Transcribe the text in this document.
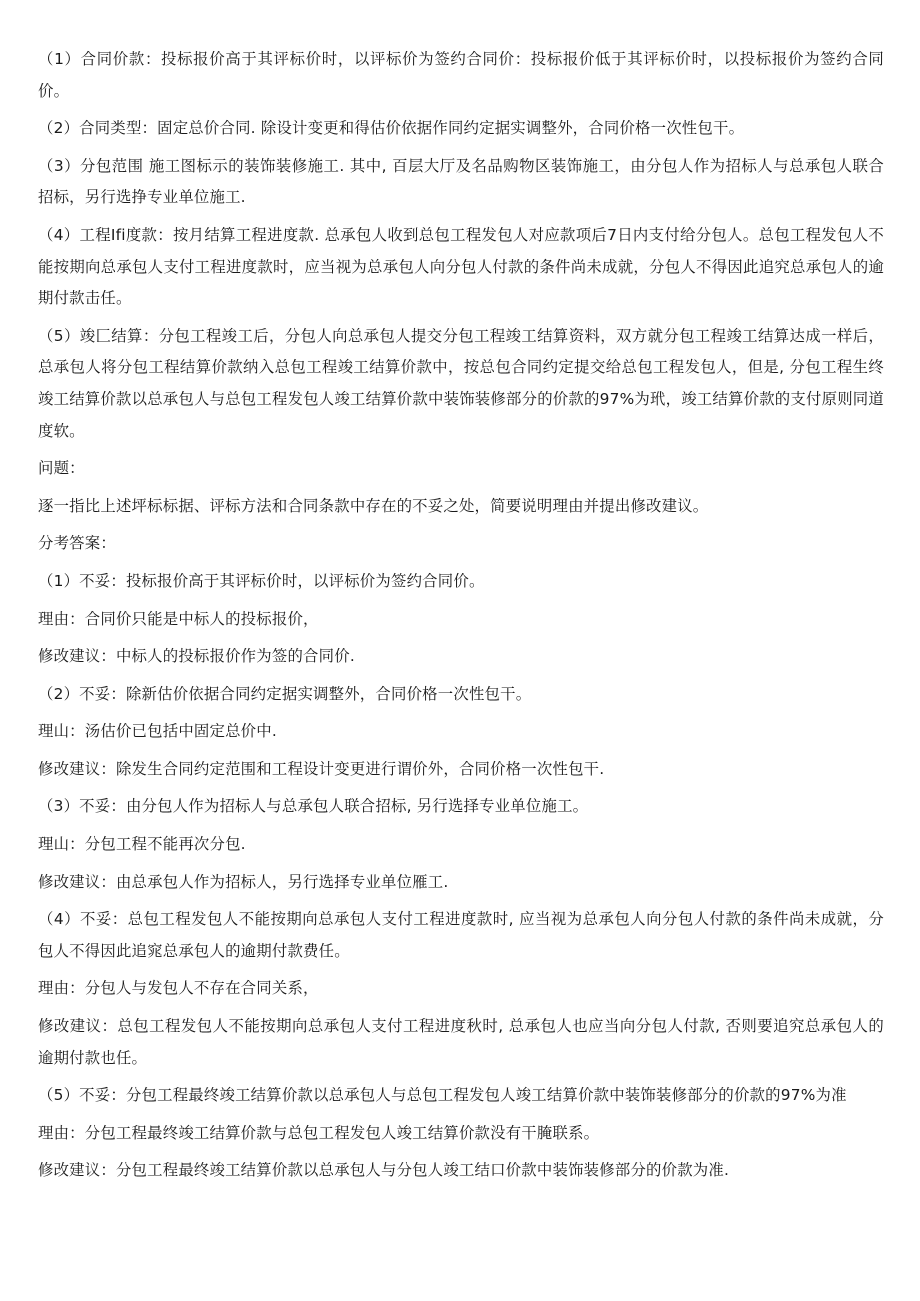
（1）合同价款：投标报价高于其评标价时，以评标价为签约合同价：投标报价低于其评标价时，以投标报价为签约合同价。

（2）合同类型：固定总价合同. 除设计变更和得估价依据作同约定据实调整外，合同价格一次性包干。

（3）分包范围 施工图标示的装饰装修施工. 其中, 百层大厅及名品购物区装饰施工，由分包人作为招标人与总承包人联合招标，另行选挣专业单位施工.

（4）工程Ifi度款：按月结算工程进度款. 总承包人收到总包工程发包人对应款项后7日内支付给分包人。总包工程发包人不能按期向总承包人支付工程进度款时，应当视为总承包人向分包人付款的条件尚未成就，分包人不得因此追究总承包人的逾期付款击任。

（5）竣匚结算：分包工程竣工后，分包人向总承包人提交分包工程竣工结算资料，双方就分包工程竣工结算达成一样后，总承包人将分包工程结算价款纳入总包工程竣工结算价款中，按总包合同约定提交给总包工程发包人，但是, 分包工程生终竣工结算价款以总承包人与总包工程发包人竣工结算价款中装饰装修部分的价款的97%为玳，竣工结算价款的支付原则同道度软。

问题：

逐一指比上述坪标标据、评标方法和合同条款中存在的不妥之处，简要说明理由并提出修改建议。

分考答案：

（1）不妥：投标报价高于其评标价时，以评标价为签约合同价。

理由：合同价只能是中标人的投标报价，

修改建议：中标人的投标报价作为签的合同价.

（2）不妥：除新估价依据合同约定据实调整外，合同价格一次性包干。

理山：汤估价已包括中固定总价中.

修改建议：除发生合同约定范围和工程设计变更进行谓价外，合同价格一次性包干.

（3）不妥：由分包人作为招标人与总承包人联合招标, 另行选择专业单位施工。

理山：分包工程不能再次分包.

修改建议：由总承包人作为招标人，另行选择专业单位雁工.

（4）不妥：总包工程发包人不能按期向总承包人支付工程进度款时, 应当视为总承包人向分包人付款的条件尚未成就，分包人不得因此追窕总承包人的逾期付款费任。

理由：分包人与发包人不存在合同关系，

修改建议：总包工程发包人不能按期向总承包人支付工程进度秋时, 总承包人也应当向分包人付款, 否则要追究总承包人的逾期付款也任。

（5）不妥：分包工程最终竣工结算价款以总承包人与总包工程发包人竣工结算价款中装饰装修部分的价款的97%为准

理由：分包工程最终竣工结算价款与总包工程发包人竣工结算价款没有干腌联系。

修改建议：分包工程最终竣工结算价款以总承包人与分包人竣工结口价款中装饰装修部分的价款为准.
